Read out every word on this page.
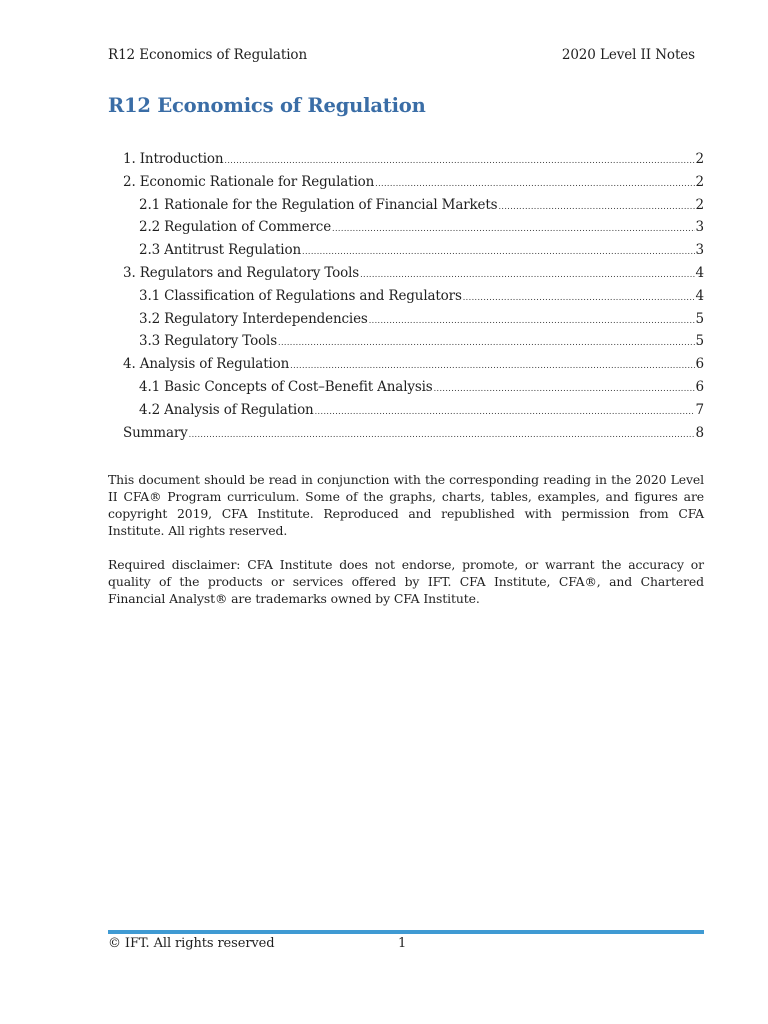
R12 Economics of Regulation	2020 Level II Notes
R12 Economics of Regulation
1. Introduction .....	2
2. Economic Rationale for Regulation .....	2
2.1 Rationale for the Regulation of Financial Markets .....	2
2.2 Regulation of Commerce .....	3
2.3 Antitrust Regulation .....	3
3. Regulators and Regulatory Tools .....	4
3.1 Classification of Regulations and Regulators .....	4
3.2 Regulatory Interdependencies .....	5
3.3 Regulatory Tools .....	5
4. Analysis of Regulation .....	6
4.1 Basic Concepts of Cost–Benefit Analysis .....	6
4.2 Analysis of Regulation .....	7
Summary .....	8

This document should be read in conjunction with the corresponding reading in the 2020 Level II CFA® Program curriculum. Some of the graphs, charts, tables, examples, and figures are copyright 2019, CFA Institute. Reproduced and republished with permission from CFA Institute. All rights reserved.

Required disclaimer: CFA Institute does not endorse, promote, or warrant the accuracy or quality of the products or services offered by IFT. CFA Institute, CFA®, and Chartered Financial Analyst® are trademarks owned by CFA Institute.

© IFT. All rights reserved	1
